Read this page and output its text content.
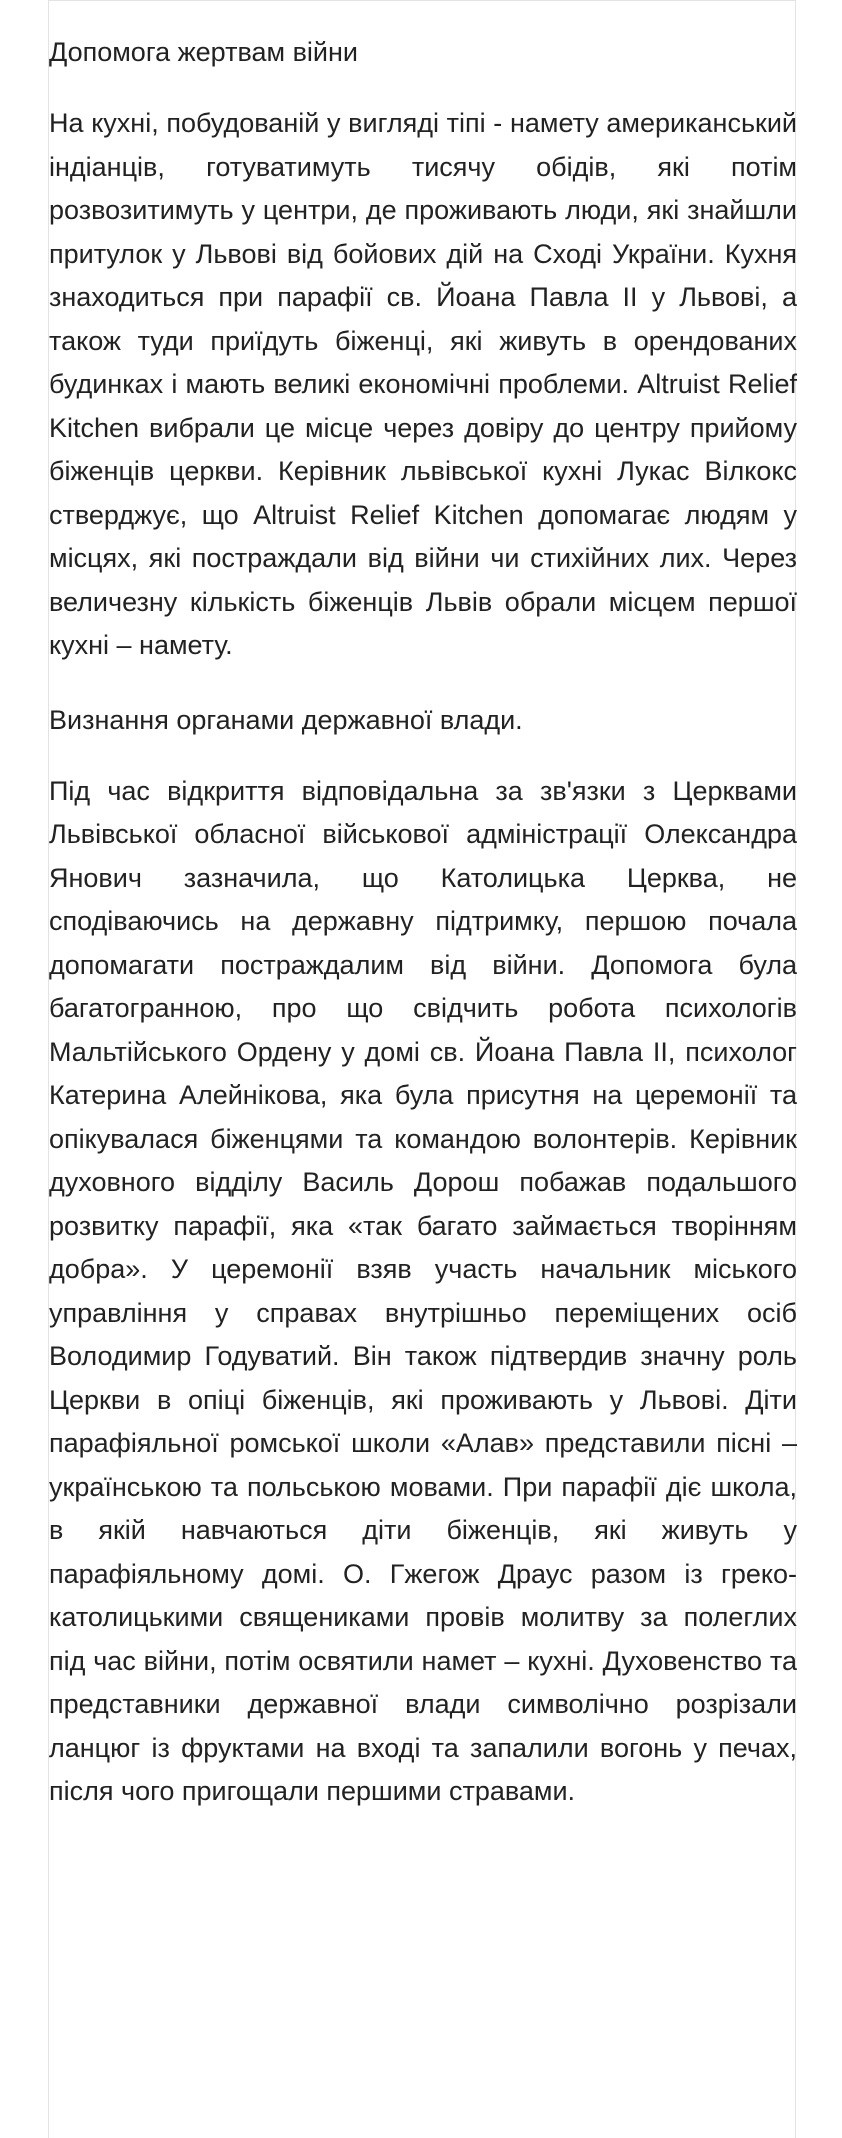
Допомога жертвам війни

На кухні, побудованій у вигляді тіпі - намету американський індіанців, готуватимуть тисячу обідів, які потім розвозитимуть у центри, де проживають люди, які знайшли притулок у Львові від бойових дій на Сході України. Кухня знаходиться при парафії св. Йоана Павла ІІ у Львові, а також туди приїдуть біженці, які живуть в орендованих будинках і мають великі економічні проблеми. Altruist Relief Kitchen вибрали це місце через довіру до центру прийому біженців церкви. Керівник львівської кухні Лукас Вілкокс стверджує, що Altruist Relief Kitchen допомагає людям у місцях, які постраждали від війни чи стихійних лих. Через величезну кількість біженців Львів обрали місцем першої кухні – намету.

Визнання органами державної влади.

Під час відкриття відповідальна за зв'язки з Церквами Львівської обласної військової адміністрації Олександра Янович зазначила, що Католицька Церква, не сподіваючись на державну підтримку, першою почала допомагати постраждалим від війни. Допомога була багатогранною, про що свідчить робота психологів Мальтійського Ордену у домі св. Йоана Павла ІІ, психолог Катерина Алейнікова, яка була присутня на церемонії та опікувалася біженцями та командою волонтерів. Керівник духовного відділу Василь Дорош побажав подальшого розвитку парафії, яка «так багато займається творінням добра». У церемонії взяв участь начальник міського управління у справах внутрішньо переміщених осіб Володимир Годуватий. Він також підтвердив значну роль Церкви в опіці біженців, які проживають у Львові. Діти парафіяльної ромської школи «Алав» представили пісні – українською та польською мовами. При парафії діє школа, в якій навчаються діти біженців, які живуть у парафіяльному домі. О. Гжегож Драус разом із греко-католицькими священиками провів молитву за полеглих під час війни, потім освятили намет – кухні. Духовенство та представники державної влади символічно розрізали ланцюг із фруктами на вході та запалили вогонь у печах, після чого пригощали першими стравами.
